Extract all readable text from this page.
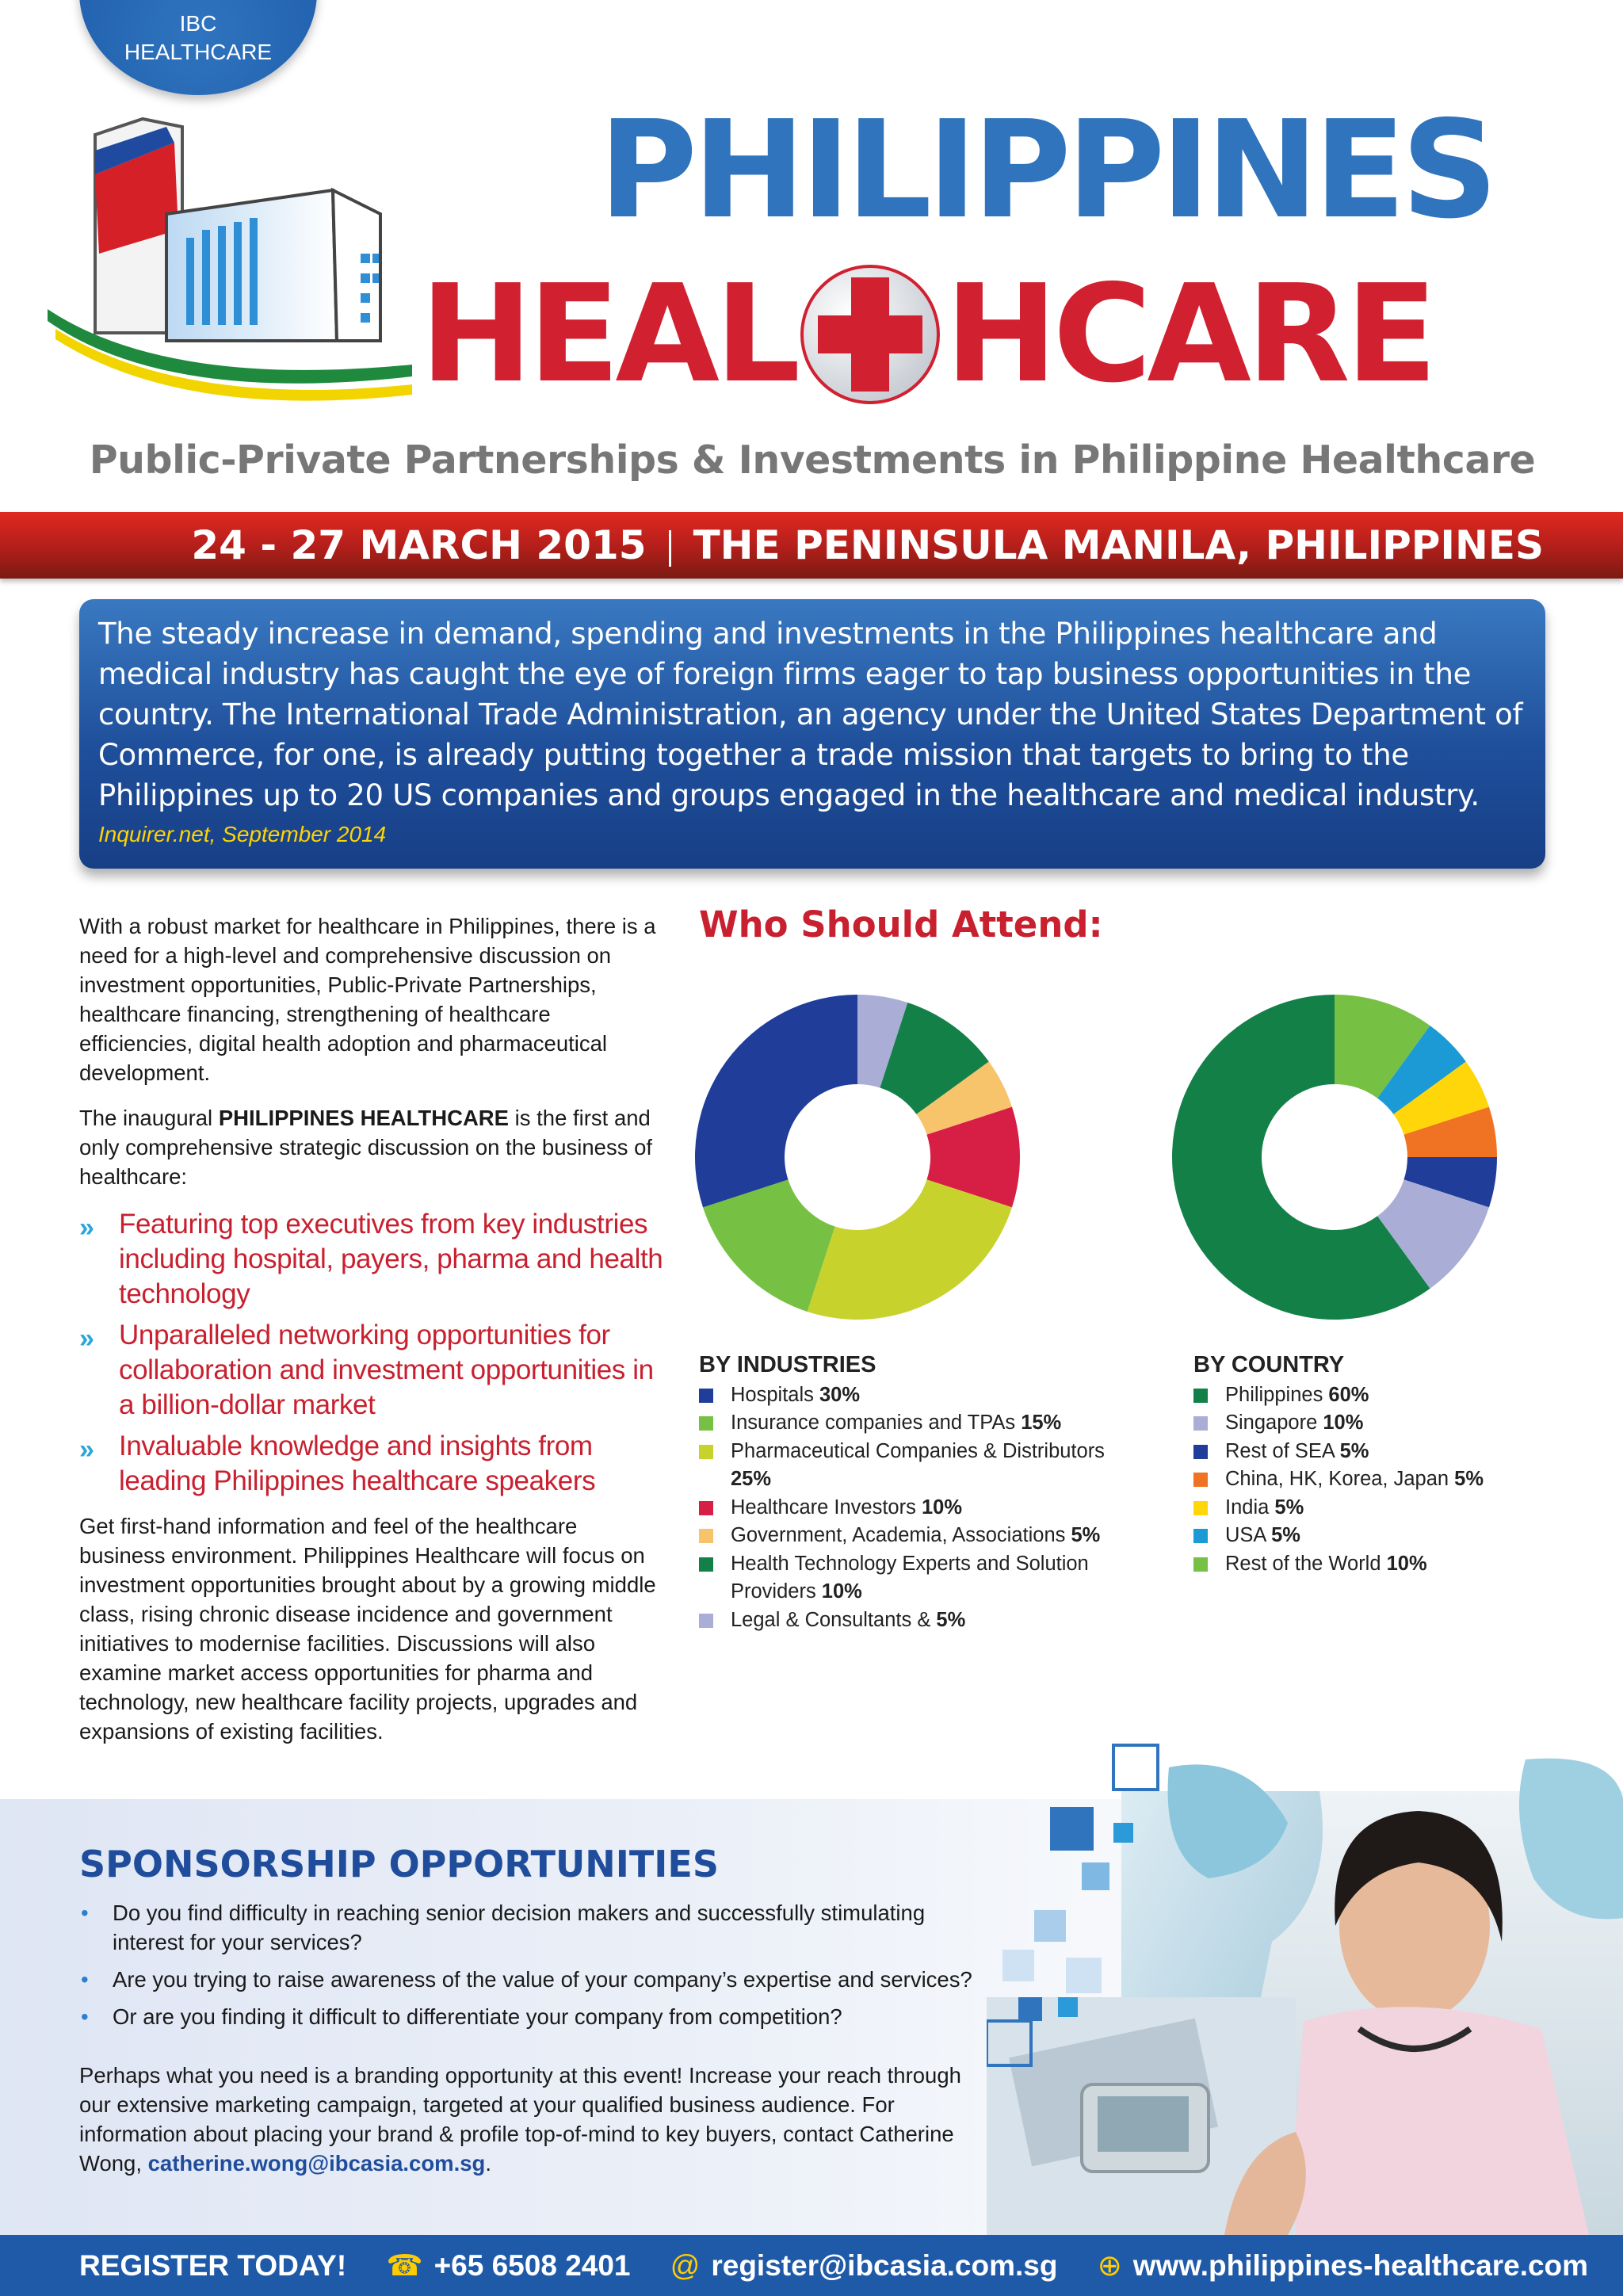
IBC
HEALTHCARE
PHILIPPINES
HEAL HCARE
Public-Private Partnerships & Investments in Philippine Healthcare
24 - 27 MARCH 2015 THE PENINSULA MANILA, PHILIPPINES
The steady increase in demand, spending and investments in the Philippines healthcare and medical industry has caught the eye of foreign firms eager to tap business opportunities in the country. The International Trade Administration, an agency under the United States Department of Commerce, for one, is already putting together a trade mission that targets to bring to the Philippines up to 20 US companies and groups engaged in the healthcare and medical industry.
Inquirer.net, September 2014

With a robust market for healthcare in Philippines, there is a need for a high-level and comprehensive discussion on investment opportunities, Public-Private Partnerships, healthcare financing, strengthening of healthcare efficiencies, digital health adoption and pharmaceutical development.

The inaugural PHILIPPINES HEALTHCARE is the first and only comprehensive strategic discussion on the business of healthcare:

» Featuring top executives from key industries including hospital, payers, pharma and health technology
» Unparalleled networking opportunities for collaboration and investment opportunities in a billion-dollar market
» Invaluable knowledge and insights from leading Philippines healthcare speakers

Get first-hand information and feel of the healthcare business environment. Philippines Healthcare will focus on investment opportunities brought about by a growing middle class, rising chronic disease incidence and government initiatives to modernise facilities. Discussions will also examine market access opportunities for pharma and technology, new healthcare facility projects, upgrades and expansions of existing facilities.

Who Should Attend:
BY INDUSTRIES
Hospitals 30%
Insurance companies and TPAs 15%
Pharmaceutical Companies & Distributors 25%
Healthcare Investors 10%
Government, Academia, Associations 5%
Health Technology Experts and Solution Providers 10%
Legal & Consultants & 5%
BY COUNTRY
Philippines 60%
Singapore 10%
Rest of SEA 5%
China, HK, Korea, Japan 5%
India 5%
USA 5%
Rest of the World 10%
SPONSORSHIP OPPORTUNITIES
• Do you find difficulty in reaching senior decision makers and successfully stimulating interest for your services?
• Are you trying to raise awareness of the value of your company’s expertise and services?
• Or are you finding it difficult to differentiate your company from competition?
Perhaps what you need is a branding opportunity at this event! Increase your reach through our extensive marketing campaign, targeted at your qualified business audience. For information about placing your brand & profile top-of-mind to key buyers, contact Catherine Wong, catherine.wong@ibcasia.com.sg.
REGISTER TODAY! ☎ +65 6508 2401 @ register@ibcasia.com.sg ⊕ www.philippines-healthcare.com
